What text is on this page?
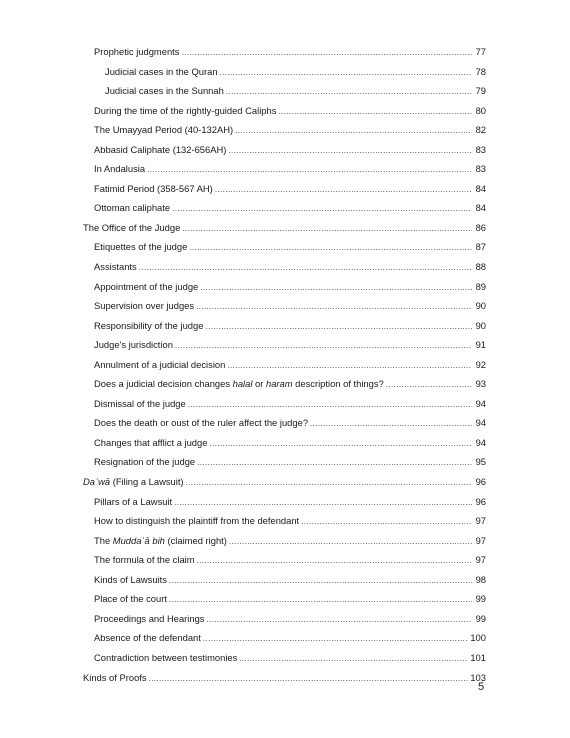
Prophetic judgments .....	77
Judicial cases in the Quran .....	78
Judicial cases in the Sunnah .....	79
During the time of the rightly-guided Caliphs .....	80
The Umayyad Period (40-132AH) .....	82
Abbasid Caliphate (132-656AH) .....	83
In Andalusia .....	83
Fatimid Period (358-567 AH) .....	84
Ottoman caliphate .....	84
The Office of the Judge .....	86
Etiquettes of the judge .....	87
Assistants .....	88
Appointment of the judge .....	89
Supervision over judges .....	90
Responsibility of the judge .....	90
Judge's jurisdiction .....	91
Annulment of a judicial decision .....	92
Does a judicial decision changes halal or haram description of things? .....	93
Dismissal of the judge .....	94
Does the death or oust of the ruler affect the judge? .....	94
Changes that afflict a judge .....	94
Resignation of the judge .....	95
Daʿwā (Filing a Lawsuit) .....	96
Pillars of a Lawsuit .....	96
How to distinguish the plaintiff from the defendant .....	97
The Muddaʿā bih (claimed right) .....	97
The formula of the claim .....	97
Kinds of Lawsuits .....	98
Place of the court .....	99
Proceedings and Hearings .....	99
Absence of the defendant .....	100
Contradiction between testimonies .....	101
Kinds of Proofs .....	103
5
